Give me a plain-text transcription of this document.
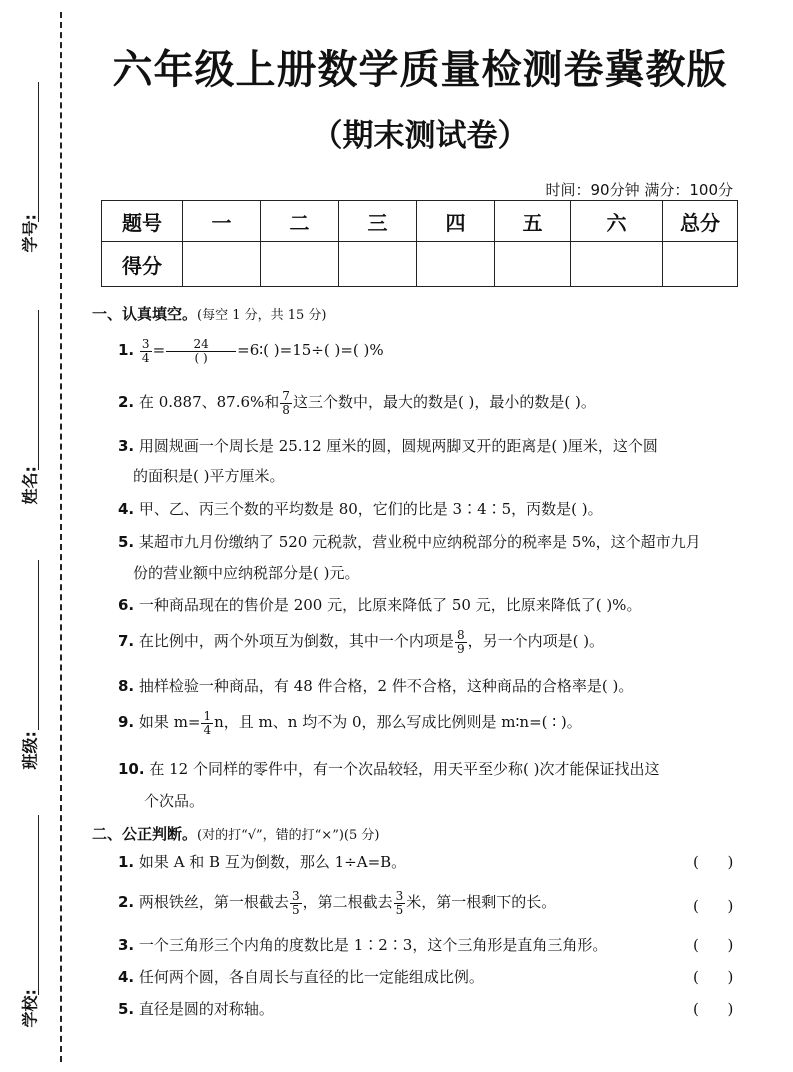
学号:
姓名:
班级:
学校:
六年级上册数学质量检测卷冀教版
（期末测试卷）
时间：90分钟 满分：100分
题号	一	二	三	四	五	六	总分
得分							
一、认真填空。(每空 1 分，共 15 分)
1. $\frac{3}{4} = \frac{24}{( )}$ =6∶( )=15÷( )=( )%
2. 在 0.887、87.6%和 $\frac{7}{8}$ 这三个数中，最大的数是( )，最小的数是( )。
3. 用圆规画一个周长是 25.12 厘米的圆，圆规两脚叉开的距离是( )厘米，这个圆
的面积是( )平方厘米。
4. 甲、乙、丙三个数的平均数是 80，它们的比是 3∶4∶5，丙数是( )。
5. 某超市九月份缴纳了 520 元税款，营业税中应纳税部分的税率是 5%，这个超市九月
份的营业额中应纳税部分是( )元。
6. 一种商品现在的售价是 200 元，比原来降低了 50 元，比原来降低了( )%。
7. 在比例中，两个外项互为倒数，其中一个内项是 $\frac{8}{9}$ ，另一个内项是( )。
8. 抽样检验一种商品，有 48 件合格，2 件不合格，这种商品的合格率是( )。
9. 如果 $m= \frac{1}{4}$ n，且 m、n 均不为 0，那么写成比例则是 m∶n=( ∶ )。
10. 在 12 个同样的零件中，有一个次品较轻，用天平至少称( )次才能保证找出这
个次品。
二、公正判断。(对的打“√”，错的打“×”)(5 分)
1. 如果 A 和 B 互为倒数，那么 1÷A=B。	(      )
2. 两根铁丝，第一根截去 $\frac{3}{5}$ ，第二根截去 $\frac{3}{5}$ 米，第一根剩下的长。	(      )
3. 一个三角形三个内角的度数比是 1∶2∶3，这个三角形是直角三角形。	(      )
4. 任何两个圆，各自周长与直径的比一定能组成比例。	(      )
5. 直径是圆的对称轴。	(      )
